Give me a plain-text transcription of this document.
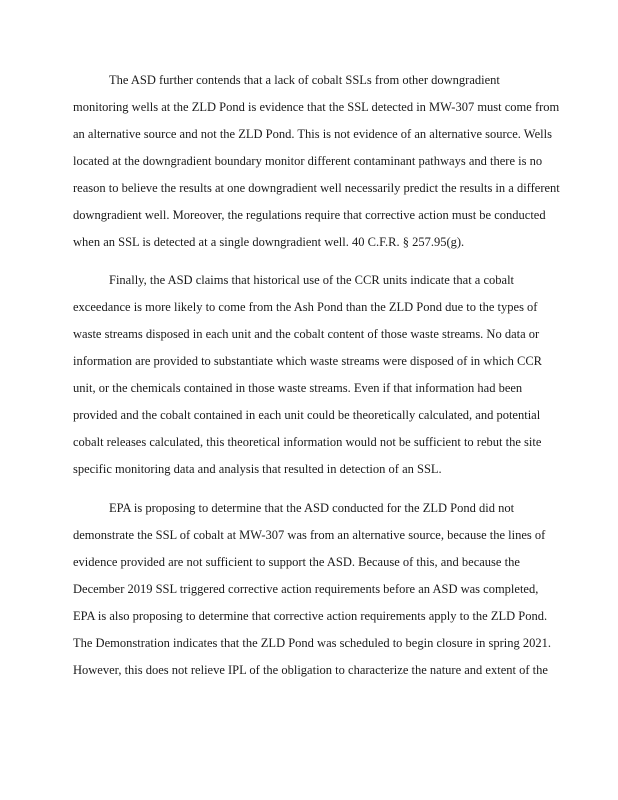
The ASD further contends that a lack of cobalt SSLs from other downgradient
monitoring wells at the ZLD Pond is evidence that the SSL detected in MW-307 must come from
an alternative source and not the ZLD Pond. This is not evidence of an alternative source. Wells
located at the downgradient boundary monitor different contaminant pathways and there is no
reason to believe the results at one downgradient well necessarily predict the results in a different
downgradient well. Moreover, the regulations require that corrective action must be conducted
when an SSL is detected at a single downgradient well. 40 C.F.R. § 257.95(g).
Finally, the ASD claims that historical use of the CCR units indicate that a cobalt
exceedance is more likely to come from the Ash Pond than the ZLD Pond due to the types of
waste streams disposed in each unit and the cobalt content of those waste streams. No data or
information are provided to substantiate which waste streams were disposed of in which CCR
unit, or the chemicals contained in those waste streams. Even if that information had been
provided and the cobalt contained in each unit could be theoretically calculated, and potential
cobalt releases calculated, this theoretical information would not be sufficient to rebut the site
specific monitoring data and analysis that resulted in detection of an SSL.
EPA is proposing to determine that the ASD conducted for the ZLD Pond did not
demonstrate the SSL of cobalt at MW-307 was from an alternative source, because the lines of
evidence provided are not sufficient to support the ASD. Because of this, and because the
December 2019 SSL triggered corrective action requirements before an ASD was completed,
EPA is also proposing to determine that corrective action requirements apply to the ZLD Pond.
The Demonstration indicates that the ZLD Pond was scheduled to begin closure in spring 2021.
However, this does not relieve IPL of the obligation to characterize the nature and extent of the
